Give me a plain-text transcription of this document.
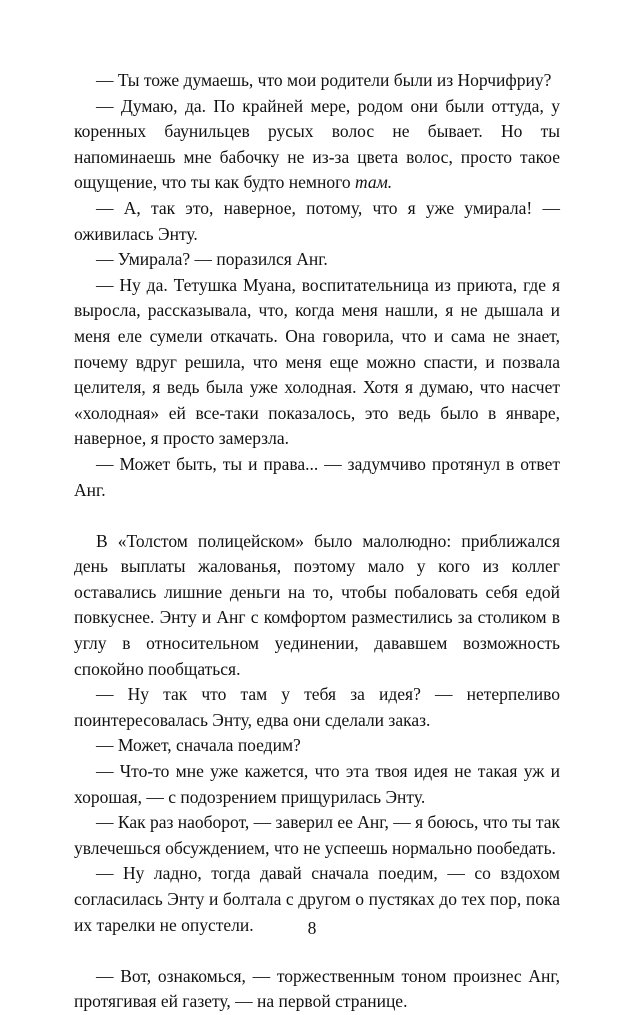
— Ты тоже думаешь, что мои родители были из Норчифриу?

— Думаю, да. По крайней мере, родом они были оттуда, у коренных баунильцев русых волос не бывает. Но ты напоминаешь мне бабочку не из-за цвета волос, просто такое ощущение, что ты как будто немного там.

— А, так это, наверное, потому, что я уже умирала! — оживилась Энту.

— Умирала? — поразился Анг.

— Ну да. Тетушка Муана, воспитательница из приюта, где я выросла, рассказывала, что, когда меня нашли, я не дышала и меня еле сумели откачать. Она говорила, что и сама не знает, почему вдруг решила, что меня еще можно спасти, и позвала целителя, я ведь была уже холодная. Хотя я думаю, что насчет «холодная» ей все-таки показалось, это ведь было в январе, наверное, я просто замерзла.

— Может быть, ты и права... — задумчиво протянул в ответ Анг.

В «Толстом полицейском» было малолюдно: приближался день выплаты жалованья, поэтому мало у кого из коллег оставались лишние деньги на то, чтобы побаловать себя едой повкуснее. Энту и Анг с комфортом разместились за столиком в углу в относительном уединении, дававшем возможность спокойно пообщаться.

— Ну так что там у тебя за идея? — нетерпеливо поинтересовалась Энту, едва они сделали заказ.

— Может, сначала поедим?

— Что-то мне уже кажется, что эта твоя идея не такая уж и хорошая, — с подозрением прищурилась Энту.

— Как раз наоборот, — заверил ее Анг, — я боюсь, что ты так увлечешься обсуждением, что не успеешь нормально пообедать.

— Ну ладно, тогда давай сначала поедим, — со вздохом согласилась Энту и болтала с другом о пустяках до тех пор, пока их тарелки не опустели.

— Вот, ознакомься, — торжественным тоном произнес Анг, протягивая ей газету, — на первой странице.

8
